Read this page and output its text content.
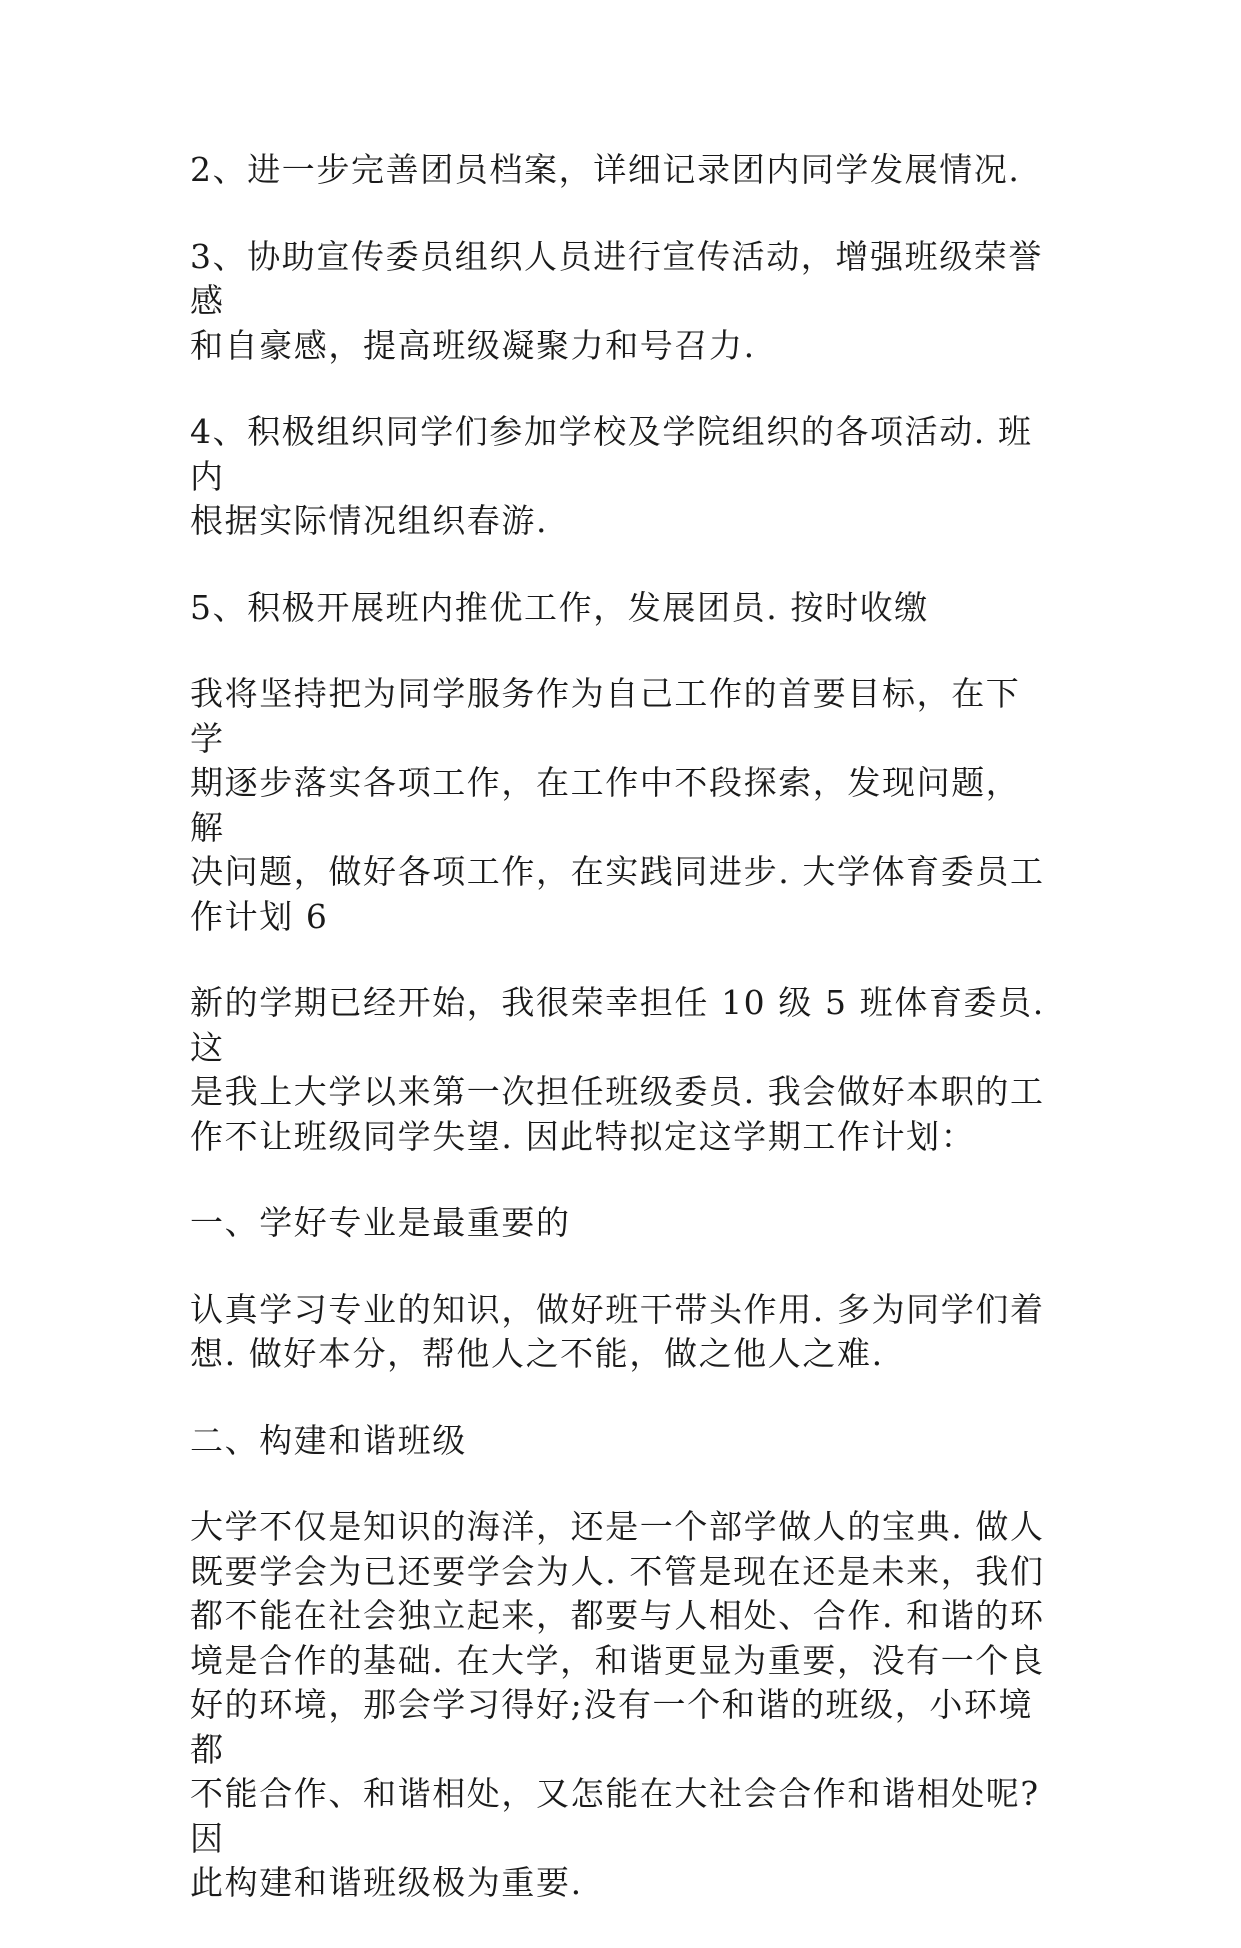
2、进一步完善团员档案，详细记录团内同学发展情况.

3、协助宣传委员组织人员进行宣传活动，增强班级荣誉感
和自豪感，提高班级凝聚力和号召力.

4、积极组织同学们参加学校及学院组织的各项活动. 班内
根据实际情况组织春游.

5、积极开展班内推优工作，发展团员. 按时收缴

我将坚持把为同学服务作为自己工作的首要目标，在下学
期逐步落实各项工作，在工作中不段探索，发现问题，解
决问题，做好各项工作，在实践同进步. 大学体育委员工
作计划 6

新的学期已经开始，我很荣幸担任 10 级 5 班体育委员. 这
是我上大学以来第一次担任班级委员. 我会做好本职的工
作不让班级同学失望. 因此特拟定这学期工作计划：

一、学好专业是最重要的

认真学习专业的知识，做好班干带头作用. 多为同学们着
想. 做好本分，帮他人之不能，做之他人之难.

二、构建和谐班级

大学不仅是知识的海洋，还是一个部学做人的宝典. 做人
既要学会为已还要学会为人. 不管是现在还是未来，我们
都不能在社会独立起来，都要与人相处、合作. 和谐的环
境是合作的基础. 在大学，和谐更显为重要，没有一个良
好的环境，那会学习得好;没有一个和谐的班级，小环境都
不能合作、和谐相处，又怎能在大社会合作和谐相处呢?因
此构建和谐班级极为重要.
